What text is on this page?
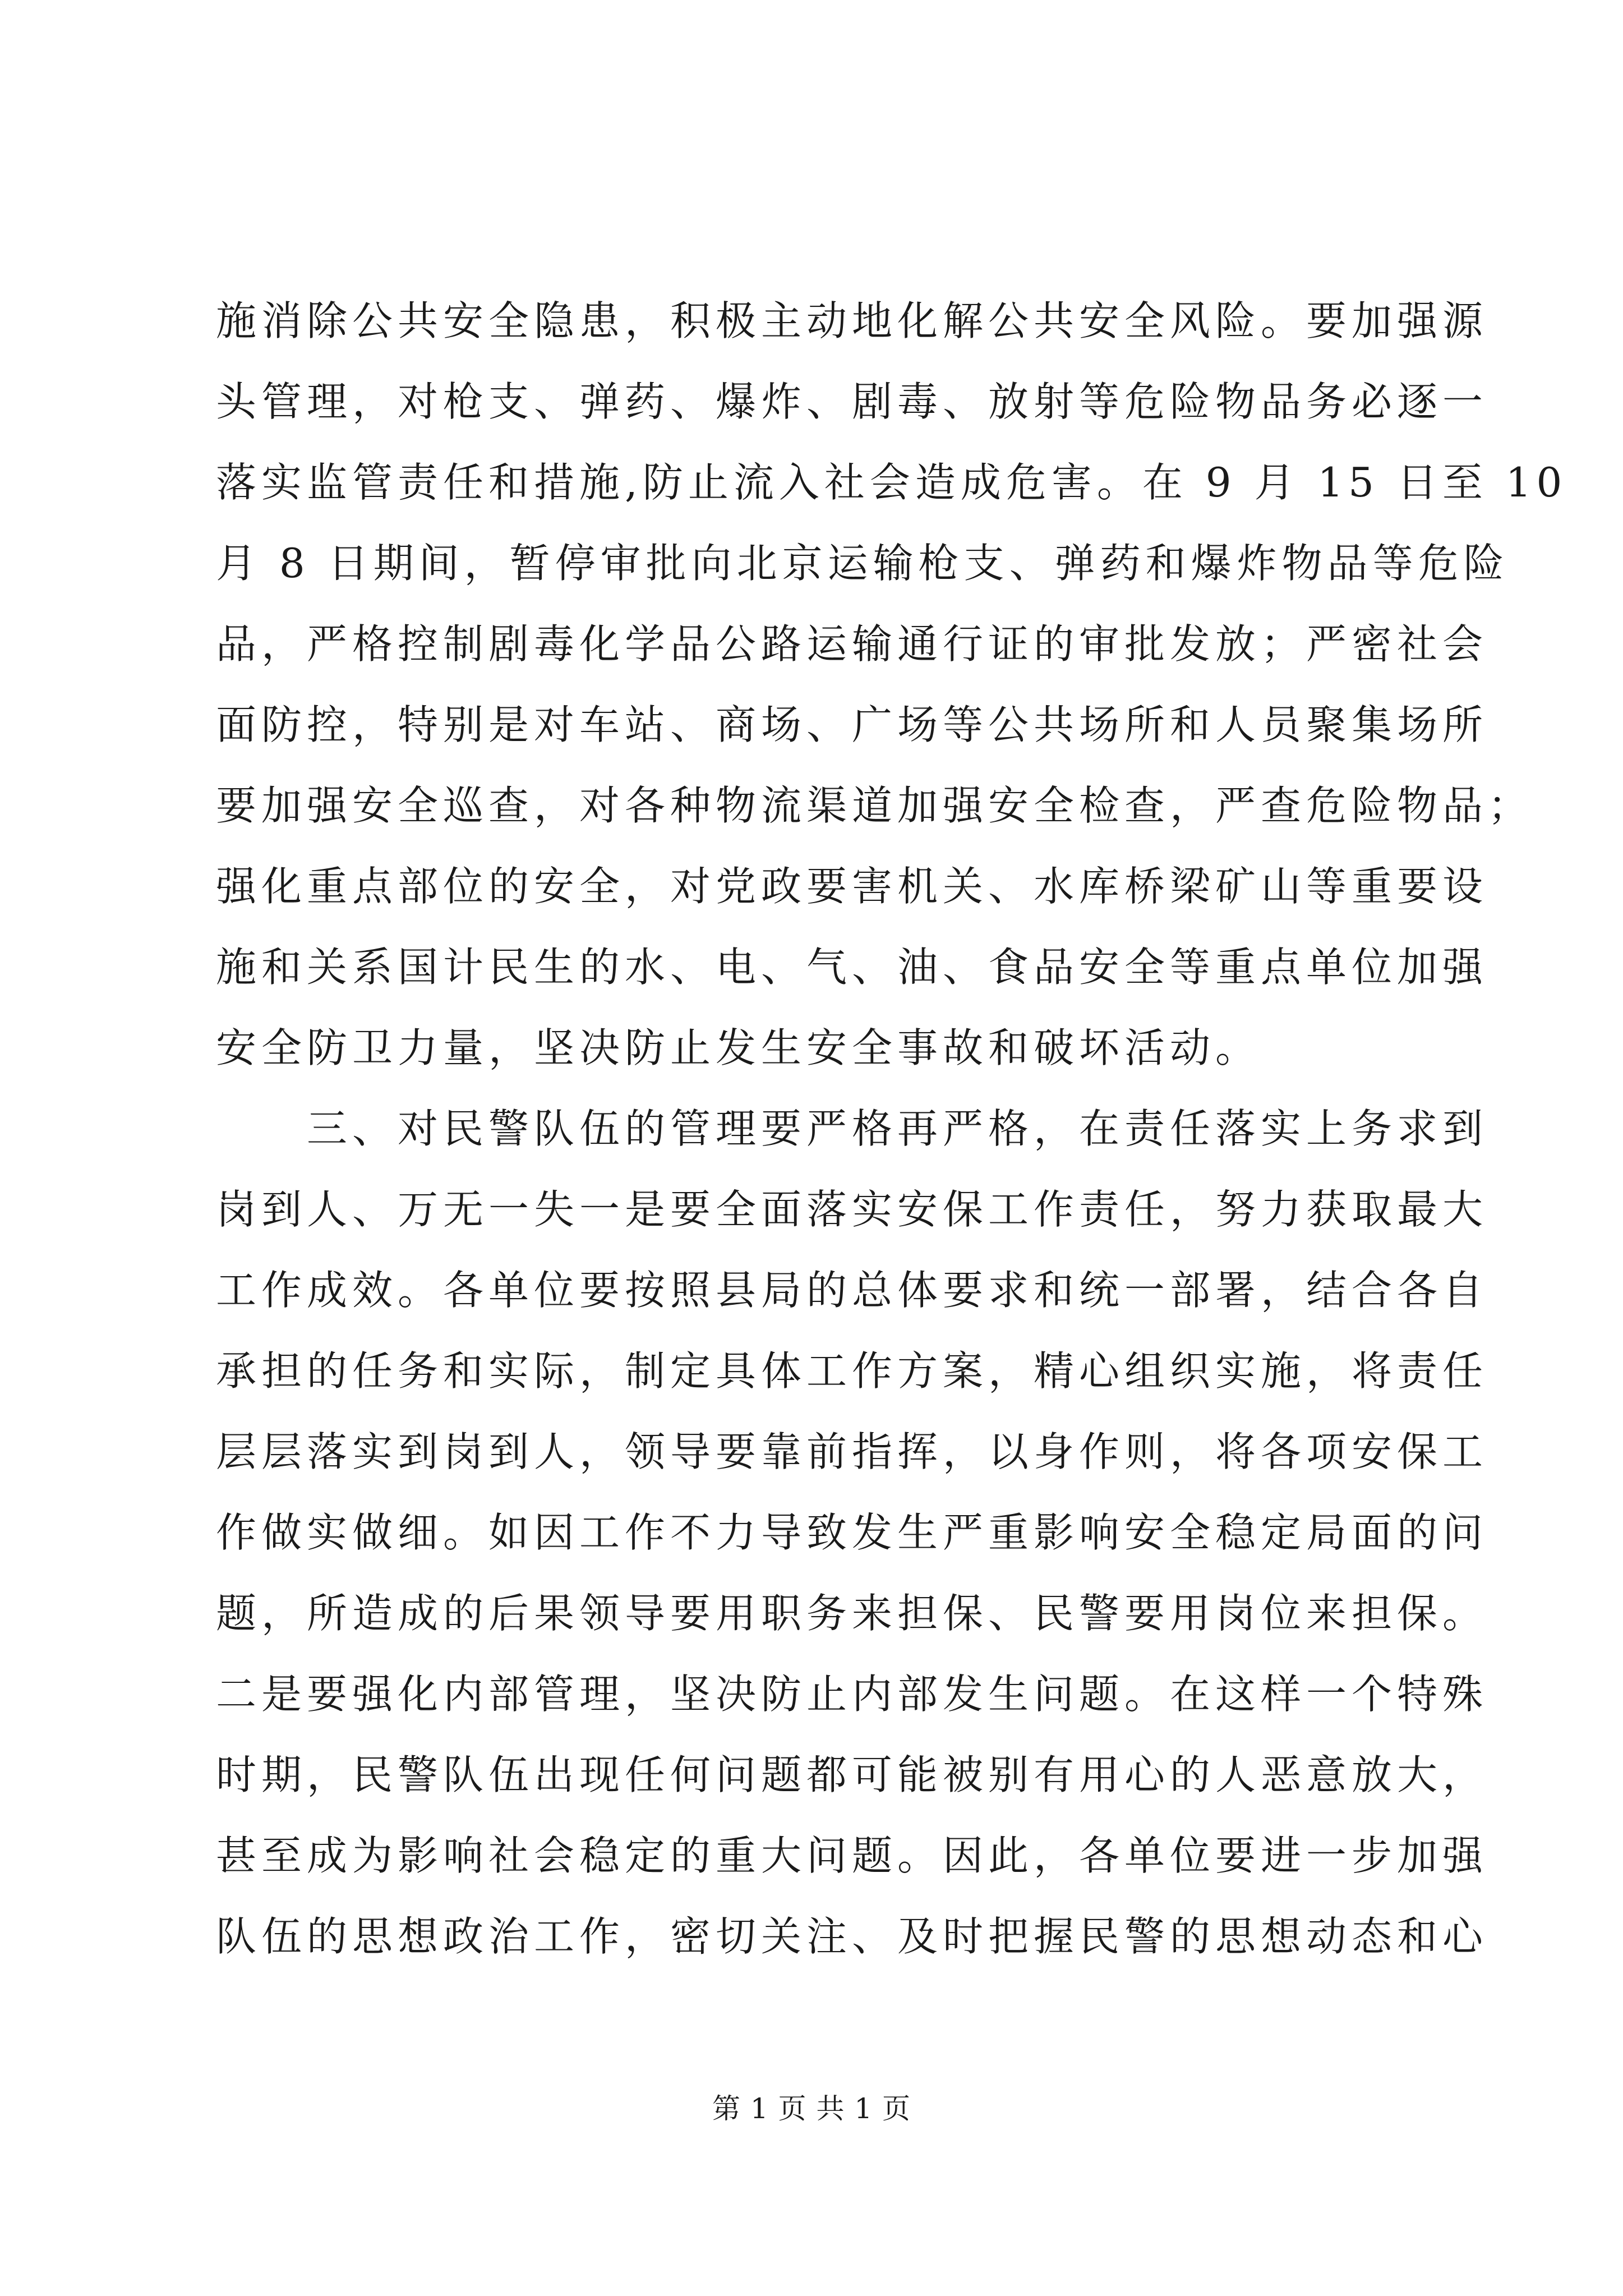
施消除公共安全隐患，积极主动地化解公共安全风险。要加强源
头管理，对枪支、弹药、爆炸、剧毒、放射等危险物品务必逐一
落实监管责任和措施,防止流入社会造成危害。在 9 月 15 日至 10
月 8 日期间，暂停审批向北京运输枪支、弹药和爆炸物品等危险
品，严格控制剧毒化学品公路运输通行证的审批发放；严密社会
面防控，特别是对车站、商场、广场等公共场所和人员聚集场所
要加强安全巡查，对各种物流渠道加强安全检查，严查危险物品；
强化重点部位的安全，对党政要害机关、水库桥梁矿山等重要设
施和关系国计民生的水、电、气、油、食品安全等重点单位加强
安全防卫力量，坚决防止发生安全事故和破坏活动。
三、对民警队伍的管理要严格再严格，在责任落实上务求到
岗到人、万无一失一是要全面落实安保工作责任，努力获取最大
工作成效。各单位要按照县局的总体要求和统一部署，结合各自
承担的任务和实际，制定具体工作方案，精心组织实施，将责任
层层落实到岗到人，领导要靠前指挥，以身作则，将各项安保工
作做实做细。如因工作不力导致发生严重影响安全稳定局面的问
题，所造成的后果领导要用职务来担保、民警要用岗位来担保。
二是要强化内部管理，坚决防止内部发生问题。在这样一个特殊
时期，民警队伍出现任何问题都可能被别有用心的人恶意放大，
甚至成为影响社会稳定的重大问题。因此，各单位要进一步加强
队伍的思想政治工作，密切关注、及时把握民警的思想动态和心
第 1 页 共 1 页
